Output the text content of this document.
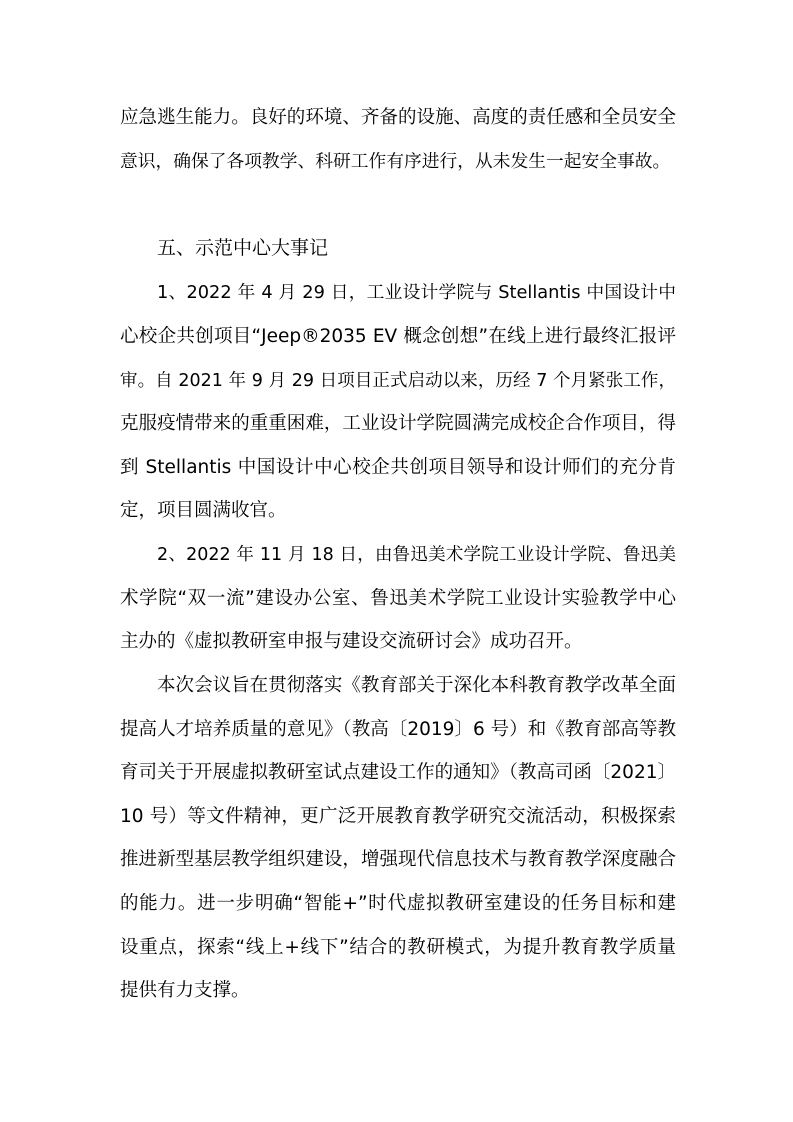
应急逃生能力。良好的环境、齐备的设施、高度的责任感和全员安全
意识，确保了各项教学、科研工作有序进行，从未发生一起安全事故。
五、示范中心大事记
1、2022 年 4 月 29 日，工业设计学院与 Stellantis 中国设计中
心校企共创项目“Jeep®2035 EV 概念创想”在线上进行最终汇报评
审。自 2021 年 9 月 29 日项目正式启动以来，历经 7 个月紧张工作，
克服疫情带来的重重困难，工业设计学院圆满完成校企合作项目，得
到 Stellantis 中国设计中心校企共创项目领导和设计师们的充分肯
定，项目圆满收官。
2、2022 年 11 月 18 日，由鲁迅美术学院工业设计学院、鲁迅美
术学院“双一流”建设办公室、鲁迅美术学院工业设计实验教学中心
主办的《虚拟教研室申报与建设交流研讨会》成功召开。
本次会议旨在贯彻落实《教育部关于深化本科教育教学改革全面
提高人才培养质量的意见》（教高〔2019〕6 号）和《教育部高等教
育司关于开展虚拟教研室试点建设工作的通知》（教高司函〔2021〕
10 号）等文件精神，更广泛开展教育教学研究交流活动，积极探索
推进新型基层教学组织建设，增强现代信息技术与教育教学深度融合
的能力。进一步明确“智能+”时代虚拟教研室建设的任务目标和建
设重点，探索“线上+线下”结合的教研模式，为提升教育教学质量
提供有力支撑。
